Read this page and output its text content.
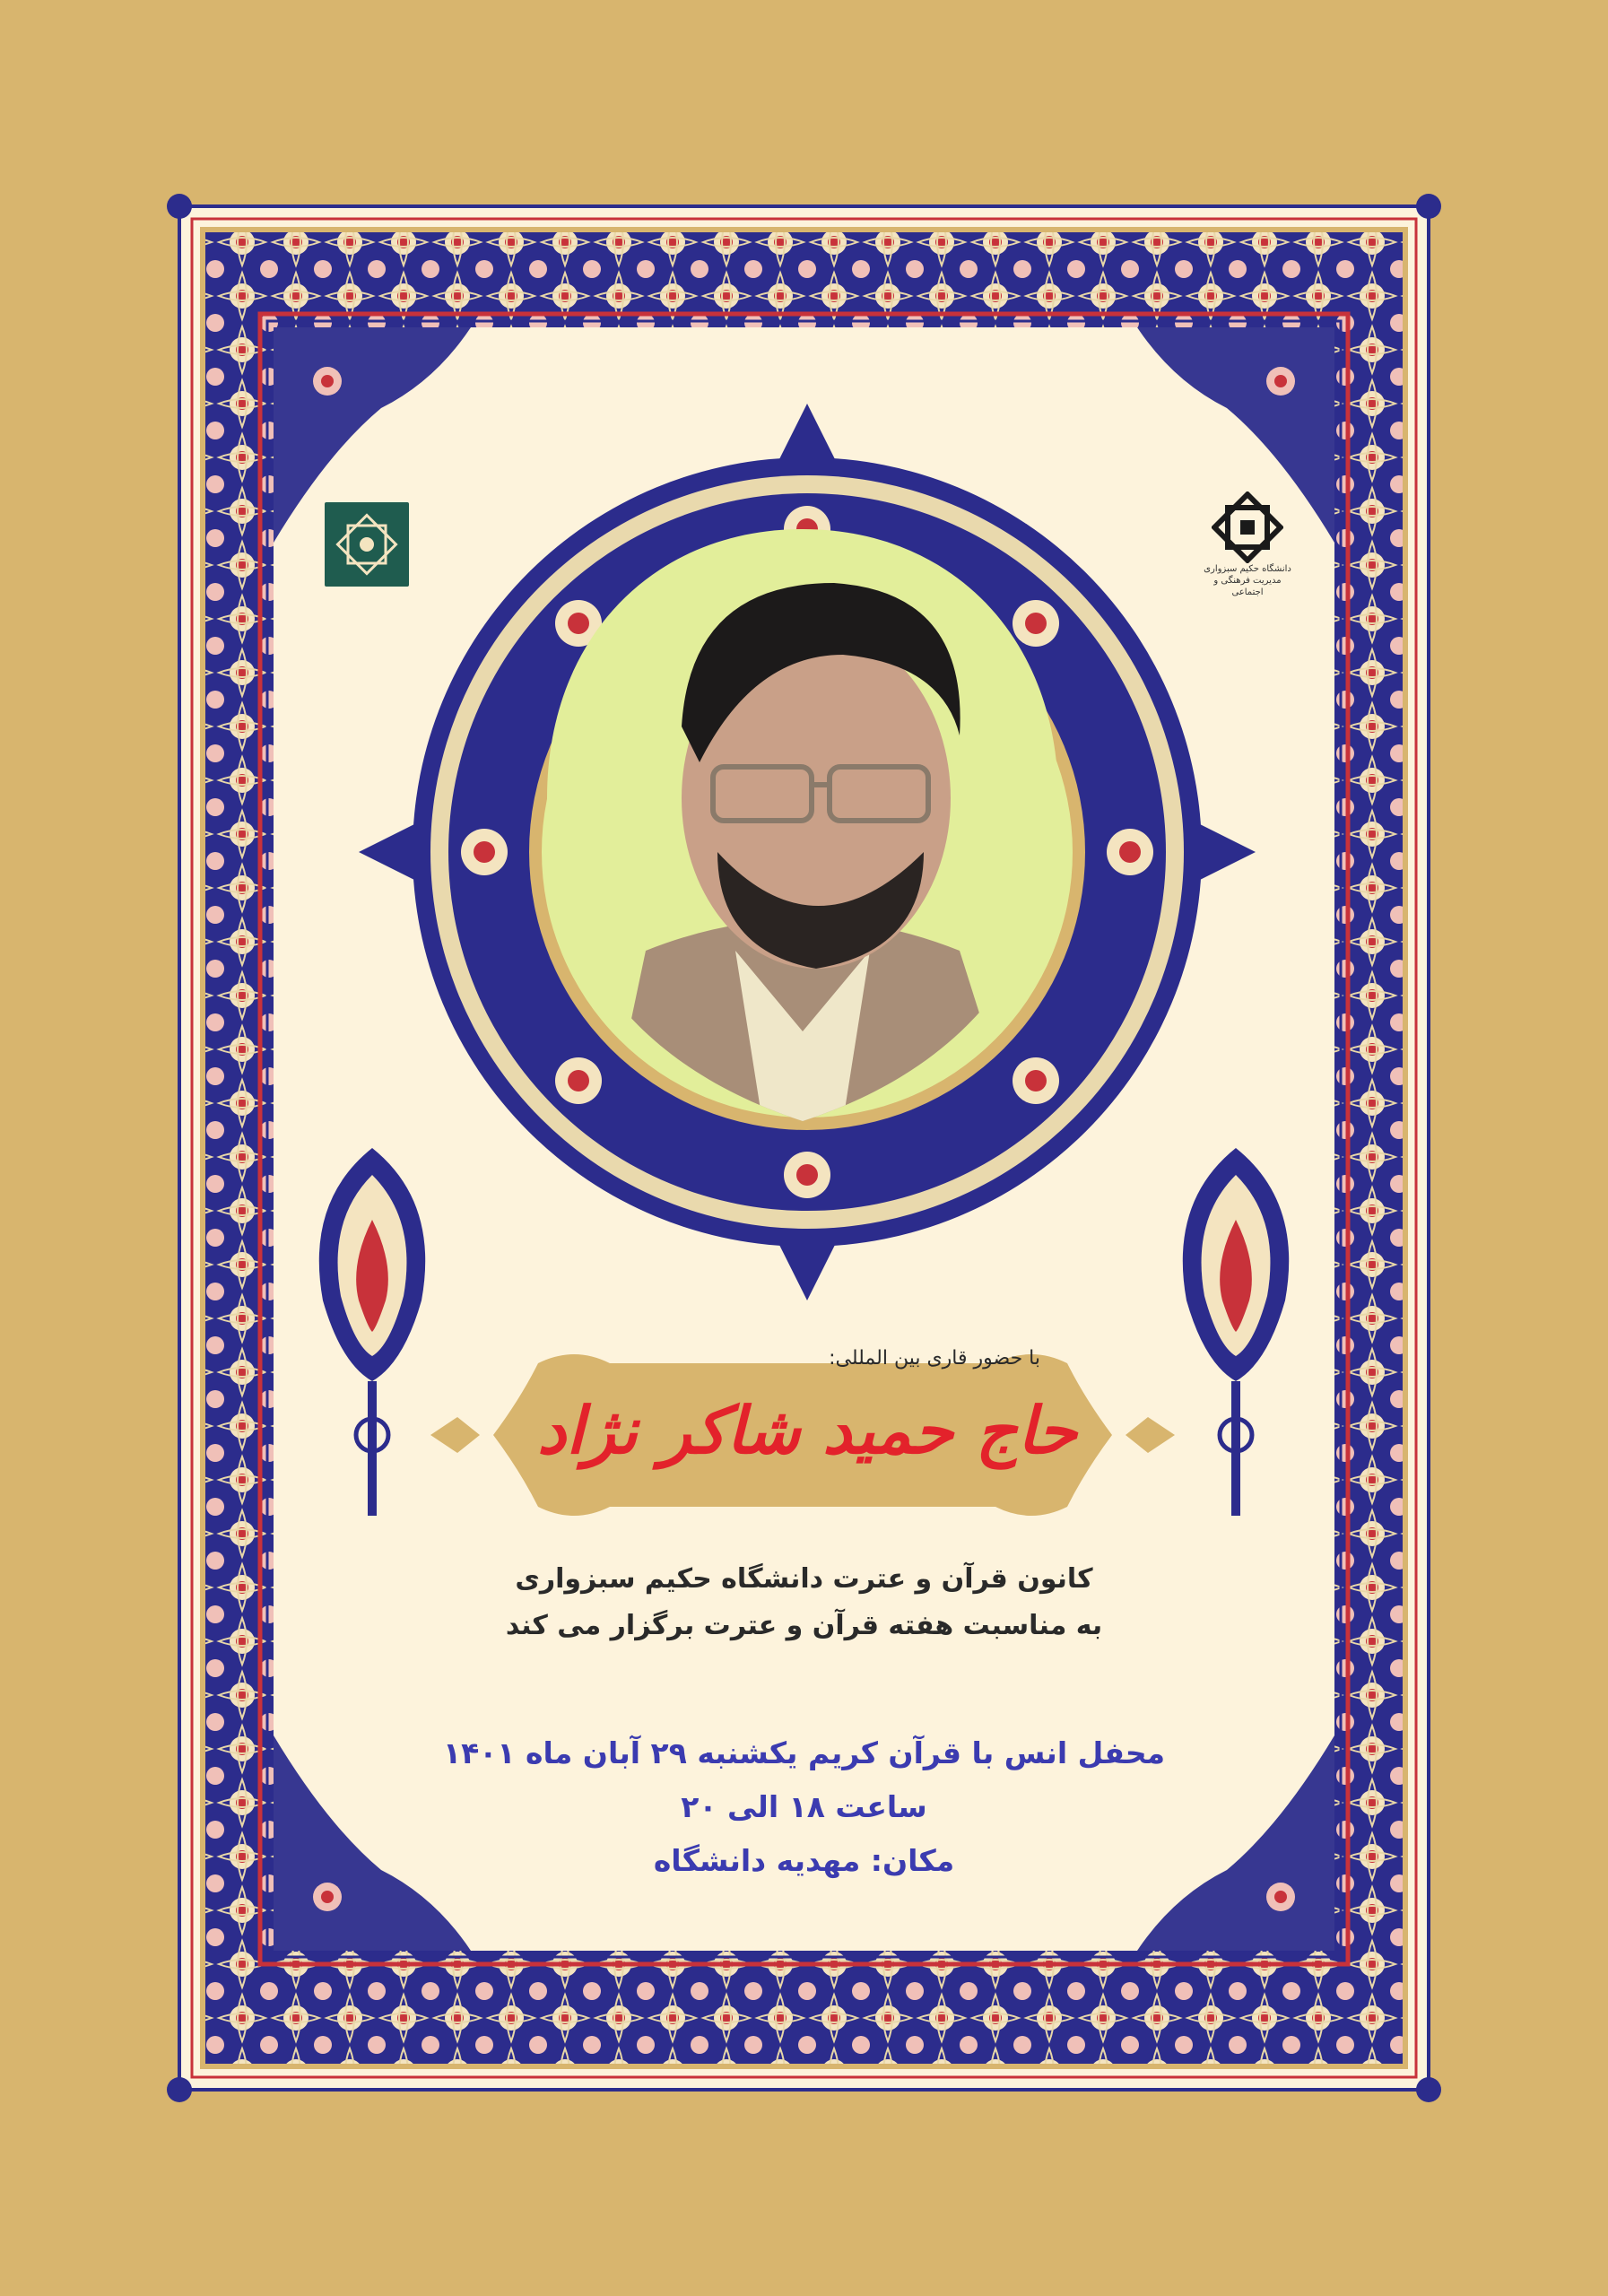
دانشگاه حکیم سبزواری
مدیریت فرهنگی و اجتماعی
با حضور قاری بین المللی:
حاج حمید شاکر نژاد
کانون قرآن و عترت دانشگاه حکیم سبزواری
به مناسبت هفته قرآن و عترت برگزار می کند
محفل انس با قرآن کریم یکشنبه ۲۹ آبان ماه ۱۴۰۱
ساعت ۱۸ الی ۲۰
مکان: مهدیه دانشگاه
